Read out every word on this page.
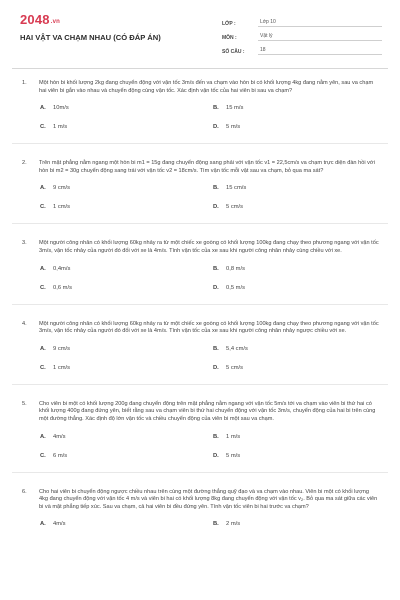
2048.vn
HAI VẬT VA CHẠM NHAU (CÓ ĐÁP ÁN)
LỚP :	Lớp 10
MÔN :	Vật lý
SỐ CÂU :	18
1. Một hòn bi khối lượng 2kg đang chuyển động với vận tốc 3m/s đến va chạm vào hòn bi có khối lượng 4kg đang nằm yên, sau va chạm hai viên bi gắn vào nhau và chuyển động cùng vận tốc. Xác định vận tốc của hai viên bi sau va chạm?
A.	10m/s	B.	15 m/s
C.	1 m/s	D.	5 m/s
2. Trên mặt phẳng nằm ngang một hòn bi m1 = 15g đang chuyển động sang phải với vận tốc v1 = 22,5cm/s va chạm trực diện đàn hồi với hòn bi m2 = 30g chuyển động sang trái với vận tốc v2 = 18cm/s. Tìm vận tốc mỗi vật sau va chạm, bỏ qua ma sát?
A.	9 cm/s	B.	15 cm/s
C.	1 cm/s	D.	5 cm/s
3. Một người công nhân có khối lượng 60kg nhảy ra từ một chiếc xe goòng có khối lượng 100kg đang chạy theo phương ngang với vận tốc 3m/s, vận tốc nhảy của người đó đối với xe là 4m/s. Tính vận tốc của xe sau khi người công nhân nhảy cùng chiều với xe.
A.	0,4m/s	B.	0,8 m/s
C.	0,6 m/s	D.	0,5 m/s
4. Một người công nhân có khối lượng 60kg nhảy ra từ một chiếc xe goòng có khối lượng 100kg đang chạy theo phương ngang với vận tốc 3m/s, vận tốc nhảy của người đó đối với xe là 4m/s. Tính vận tốc của xe sau khi người công nhân nhảy ngược chiều với xe.
A.	9 cm/s	B.	5,4 cm/s
C.	1 cm/s	D.	5 cm/s
5. Cho viên bi một có khối lượng 200g đang chuyển động trên mặt phẳng nằm ngang với vận tốc 5m/s tới va chạm vào viên bi thứ hai có khối lượng 400g đang đứng yên, biết rằng sau va chạm viên bi thứ hai chuyển động với vận tốc 3m/s, chuyển động của hai bi trên cùng một đường thẳng. Xác định độ lớn vận tốc và chiều chuyển động của viên bi một sau va chạm.
A.	4m/s	B.	1 m/s
C.	6 m/s	D.	5 m/s
6. Cho hai viên bi chuyển động ngược chiều nhau trên cùng một đường thẳng quỹ đạo và va chạm vào nhau. Viên bi một có khối lượng 4kg đang chuyển động với vận tốc 4 m/s và viên bi hai có khối lượng 8kg đang chuyển động với vận tốc $v_2$. Bỏ qua ma sát giữa các viên bi và mặt phẳng tiếp xúc. Sau va chạm, cả hai viên bi đều đứng yên. Tính vận tốc viên bi hai trước va chạm?
A.	4m/s	B.	2 m/s
